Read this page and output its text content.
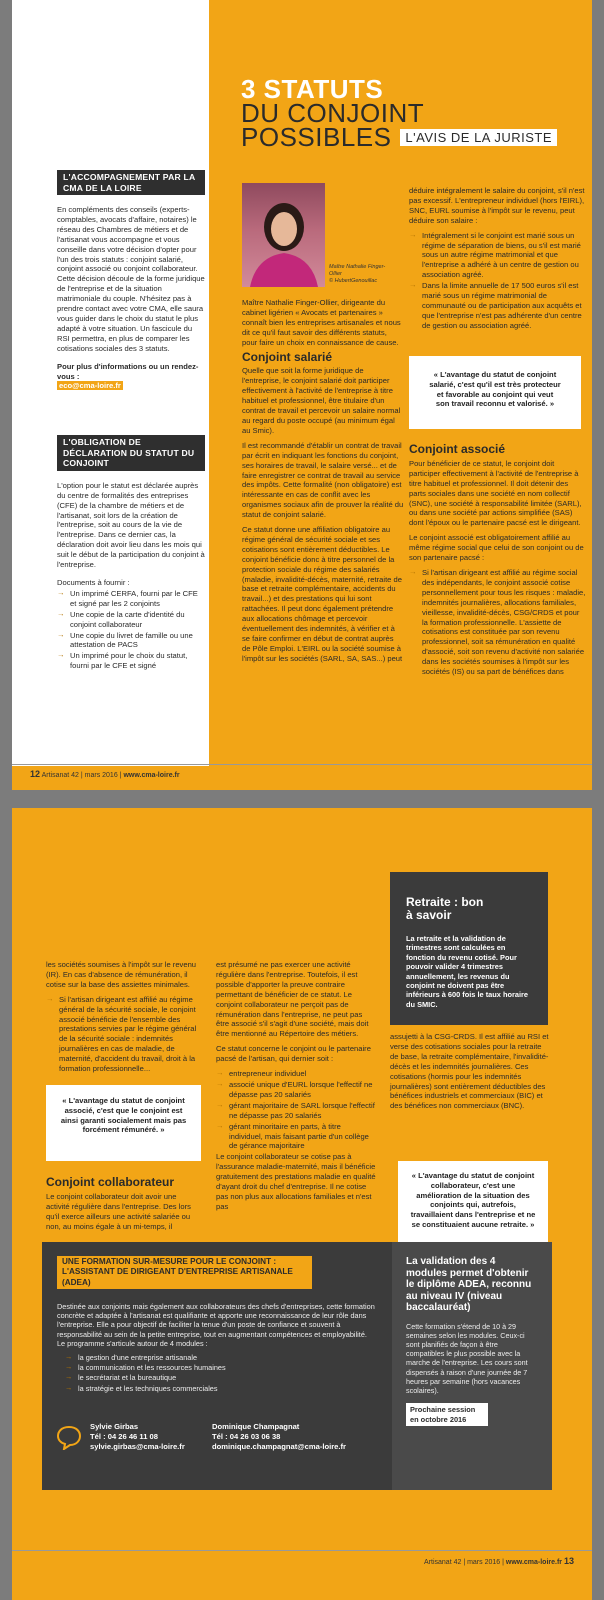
3 STATUTS
DU CONJOINT
POSSIBLES L'AVIS DE LA JURISTE
L'ACCOMPAGNEMENT PAR LA CMA DE LA LOIRE

En compléments des conseils (experts-comptables, avocats d'affaire, notaires) le réseau des Chambres de métiers et de l'artisanat vous accompagne et vous conseille dans votre décision d'opter pour l'un des trois statuts : conjoint salarié, conjoint associé ou conjoint collaborateur. Cette décision découle de la forme juridique de l'entreprise et de la situation matrimoniale du couple. N'hésitez pas à prendre contact avec votre CMA, elle saura vous guider dans le choix du statut le plus adapté à votre situation. Un fascicule du RSI permettra, en plus de comparer les cotisations sociales des 3 statuts.

Pour plus d'informations ou un rendez-vous :

eco@cma-loire.fr L'OBLIGATION DE DÉCLARATION DU STATUT DU CONJOINT

L'option pour le statut est déclarée auprès du centre de formalités des entreprises (CFE) de la chambre de métiers et de l'artisanat, soit lors de la création de l'entreprise, soit au cours de la vie de l'entreprise. Dans ce dernier cas, la déclaration doit avoir lieu dans les mois qui suit le début de la participation du conjoint à l'entreprise.

Documents à fournir :

→ Un imprimé CERFA, fourni par le CFE et signé par les 2 conjoints
→ Une copie de la carte d'identité du conjoint collaborateur
→ Une copie du livret de famille ou une attestation de PACS
→ Un imprimé pour le choix du statut, fourni par le CFE et signé
Maître Nathalie Finger-Ollier
© HubertGenouillac

Maître Nathalie Finger-Ollier, dirigeante du cabinet ligérien « Avocats et partenaires » connaît bien les entreprises artisanales et nous dit ce qu'il faut savoir des différents statuts, pour faire un choix en connaissance de cause.

Conjoint salarié

Quelle que soit la forme juridique de l'entreprise, le conjoint salarié doit participer effectivement à l'activité de l'entreprise à titre habituel et professionnel, être titulaire d'un contrat de travail et percevoir un salaire normal au regard du poste occupé (au minimum égal au Smic).

Il est recommandé d'établir un contrat de travail par écrit en indiquant les fonctions du conjoint, ses horaires de travail, le salaire versé... et de faire enregistrer ce contrat de travail au service des impôts. Cette formalité (non obligatoire) est intéressante en cas de conflit avec les organismes sociaux afin de prouver la réalité du statut de conjoint salarié.

Ce statut donne une affiliation obligatoire au régime général de sécurité sociale et ses cotisations sont entièrement déductibles. Le conjoint bénéficie donc à titre personnel de la protection sociale du régime des salariés (maladie, invalidité-décès, maternité, retraite de base et retraite complémentaire, accidents du travail...) et des prestations qui lui sont rattachées. Il peut donc également prétendre aux allocations chômage et percevoir éventuellement des indemnités, à vérifier et à se faire confirmer en début de contrat auprès de Pôle Emploi. L'EIRL ou la société soumise à l'impôt sur les sociétés (SARL, SA, SAS...) peut

déduire intégralement le salaire du conjoint, s'il n'est pas excessif. L'entrepreneur individuel (hors l'EIRL), SNC, EURL soumise à l'impôt sur le revenu, peut déduire son salaire :

→ Intégralement si le conjoint est marié sous un régime de séparation de biens, ou s'il est marié sous un autre régime matrimonial et que l'entreprise a adhéré à un centre de gestion ou association agréé.
→ Dans la limite annuelle de 17 500 euros s'il est marié sous un régime matrimonial de communauté ou de participation aux acquêts et que l'entreprise n'est pas adhérente d'un centre de gestion ou association agréé.
« L'avantage du statut de conjoint salarié, c'est qu'il est très protecteur et favorable au conjoint qui veut son travail reconnu et valorisé. »
Conjoint associé

Pour bénéficier de ce statut, le conjoint doit participer effectivement à l'activité de l'entreprise à titre habituel et professionnel. Il doit détenir des parts sociales dans une société en nom collectif (SNC), une société à responsabilité limitée (SARL), ou dans une société par actions simplifiée (SAS) dont l'époux ou le partenaire pacsé est le dirigeant.

Le conjoint associé est obligatoirement affilié au même régime social que celui de son conjoint ou de son partenaire pacsé :

→ Si l'artisan dirigeant est affilié au régime social des indépendants, le conjoint associé cotise personnellement pour tous les risques : maladie, indemnités journalières, allocations familiales, vieillesse, invalidité-décès, CSG/CRDS et pour la formation professionnelle. L'assiette de cotisations est constituée par son revenu professionnel, soit sa rémunération en qualité d'associé, soit son revenu d'activité non salariée dans les sociétés soumises à l'impôt sur les sociétés (IS) ou sa part de bénéfices dans
12 Artisanat 42 | mars 2016 | www.cma-loire.fr

les sociétés soumises à l'impôt sur le revenu (IR). En cas d'absence de rémunération, il cotise sur la base des assiettes minimales.

→ Si l'artisan dirigeant est affilié au régime général de la sécurité sociale, le conjoint associé bénéficie de l'ensemble des prestations servies par le régime général de la sécurité sociale : indemnités journalières en cas de maladie, de maternité, d'accident du travail, droit à la formation professionnelle...
« L'avantage du statut de conjoint associé, c'est que le conjoint est ainsi garanti socialement mais pas forcément rémunéré. »
Conjoint collaborateur

Le conjoint collaborateur doit avoir une activité régulière dans l'entreprise. Des lors qu'il exerce ailleurs une activité salariée ou non, au moins égale à un mi-temps, il

est présumé ne pas exercer une activité régulière dans l'entreprise. Toutefois, il est possible d'apporter la preuve contraire permettant de bénéficier de ce statut. Le conjoint collaborateur ne perçoit pas de rémunération dans l'entreprise, ne peut pas être associé s'il s'agit d'une société, mais doit être mentionné au Répertoire des métiers.

Ce statut concerne le conjoint ou le partenaire pacsé de l'artisan, qui dernier soit :

→ entrepreneur individuel
→ associé unique d'EURL lorsque l'effectif ne dépasse pas 20 salariés
→ gérant majoritaire de SARL lorsque l'effectif ne dépasse pas 20 salariés
→ gérant minoritaire en parts, à titre individuel, mais faisant partie d'un collège de gérance majoritaire

Le conjoint collaborateur se cotise pas à l'assurance maladie-maternité, mais il bénéficie gratuitement des prestations maladie en qualité d'ayant droit du chef d'entreprise. Il ne cotise pas non plus aux allocations familiales et n'est pas

Retraite : bon à savoir
La retraite et la validation de trimestres sont calculées en fonction du revenu cotisé. Pour pouvoir valider 4 trimestres annuellement, les revenus du conjoint ne doivent pas être inférieurs à 600 fois le taux horaire du SMIC.

assujetti à la CSG-CRDS. Il est affilié au RSI et verse des cotisations sociales pour la retraite de base, la retraite complémentaire, l'invalidité-décès et les indemnités journalières. Ces cotisations (hormis pour les indemnités journalières) sont entièrement déductibles des bénéfices industriels et commerciaux (BIC) et des bénéfices non commerciaux (BNC).

« L'avantage du statut de conjoint collaborateur, c'est une amélioration de la situation des conjoints qui, autrefois, travaillaient dans l'entreprise et ne se constituaient aucune retraite. »
UNE FORMATION SUR-MESURE POUR LE CONJOINT : L'ASSISTANT DE DIRIGEANT D'ENTREPRISE ARTISANALE (ADEA)

Destinée aux conjoints mais également aux collaborateurs des chefs d'entreprises, cette formation concrète et adaptée à l'artisanat est qualifiante et apporte une reconnaissance de leur rôle dans l'entreprise. Elle a pour objectif de faciliter la tenue d'un poste de confiance et souvent à responsabilité au sein de la petite entreprise, tout en augmentant compétences et employabilité. Le programme s'articule autour de 4 modules :

→ la gestion d'une entreprise artisanale
→ la communication et les ressources humaines
→ le secrétariat et la bureautique
→ la stratégie et les techniques commerciales
Sylvie Girbas
Tél : 04 26 46 11 08
sylvie.girbas@cma-loire.fr
Dominique Champagnat
Tél : 04 26 03 06 38
dominique.champagnat@cma-loire.fr
La validation des 4 modules permet d'obtenir le diplôme ADEA, reconnu au niveau IV (niveau baccalauréat)
Cette formation s'étend de 10 à 29 semaines selon les modules. Ceux-ci sont planifiés de façon à être compatibles le plus possible avec la marche de l'entreprise. Les cours sont dispensés à raison d'une journée de 7 heures par semaine (hors vacances scolaires).
Prochaine session en octobre 2016
Artisanat 42 | mars 2016 | www.cma-loire.fr 13
